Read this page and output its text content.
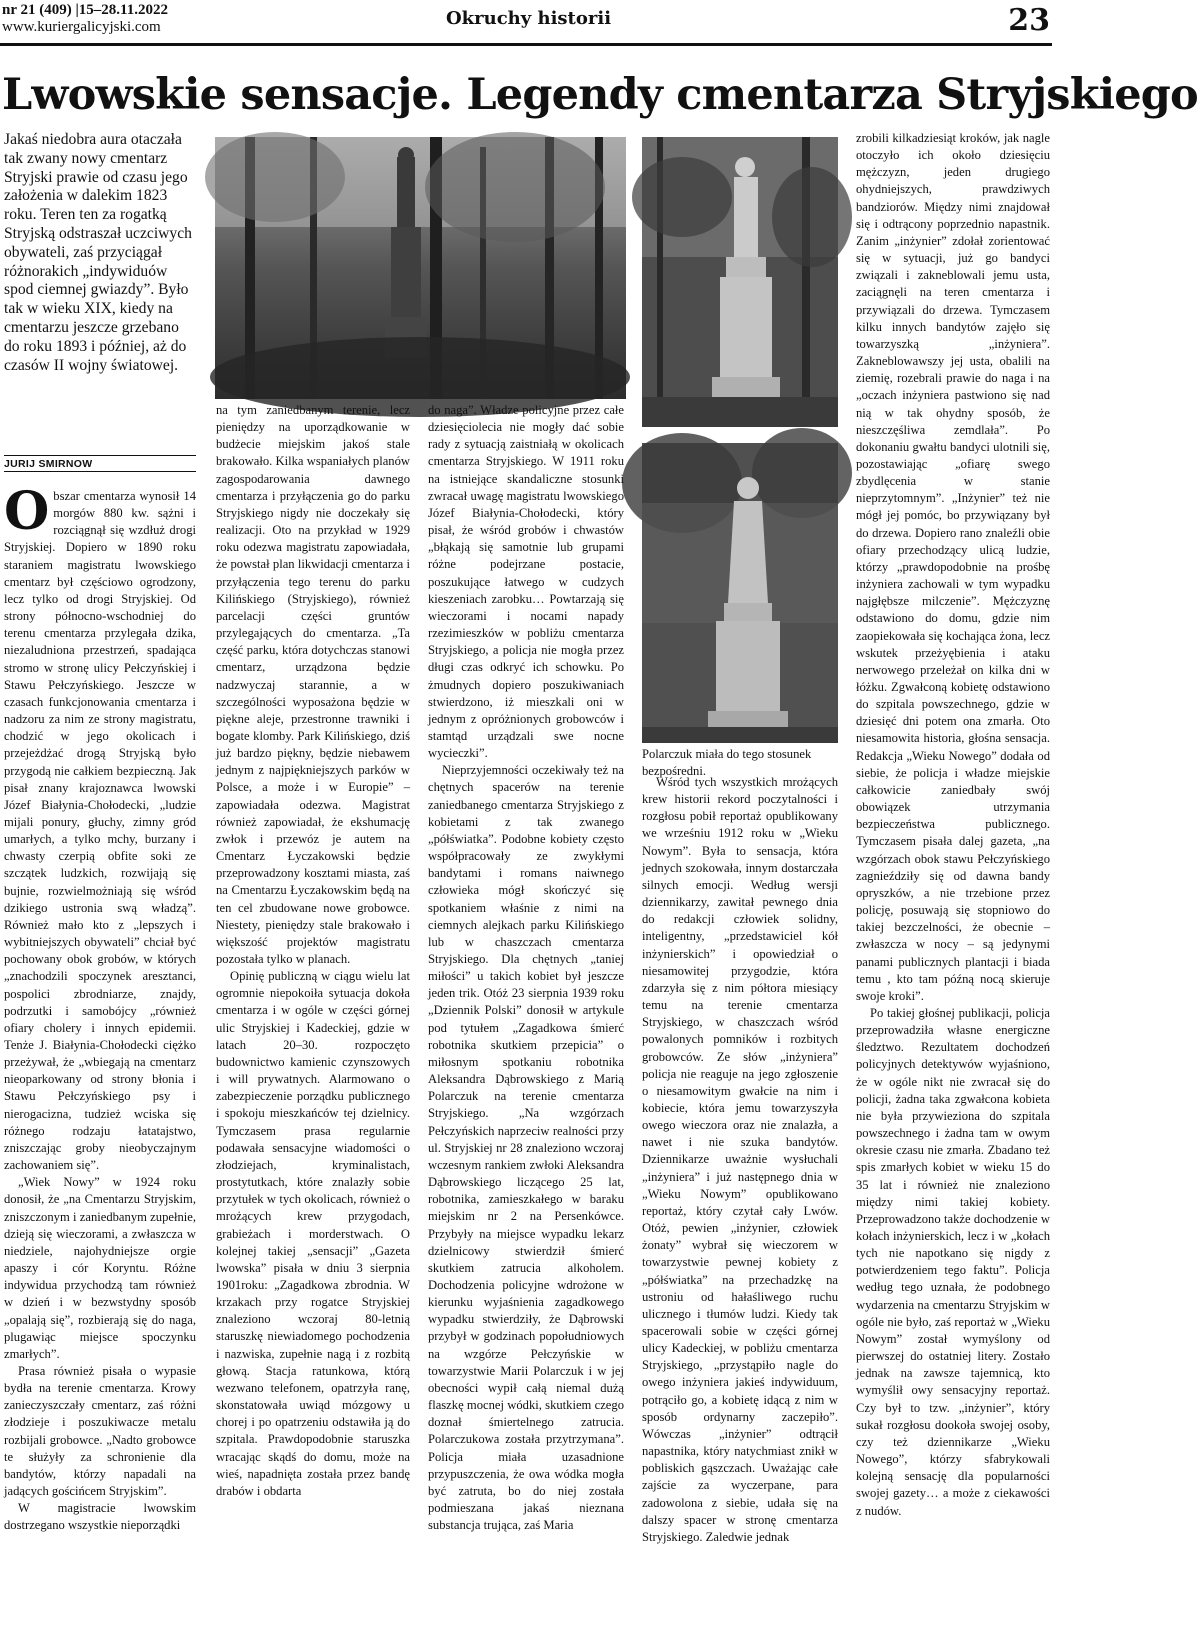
nr 21 (409) |15–28.11.2022
www.kuriergalicyjski.com	Okruchy historii	23
Lwowskie sensacje. Legendy cmentarza Stryjskiego
Jakaś niedobra aura otaczała tak zwany nowy cmentarz Stryjski prawie od czasu jego założenia w dalekim 1823 roku. Teren ten za rogatką Stryjską odstraszał uczciwych obywateli, zaś przyciągał różnorakich „indywiduów spod ciemnej gwiazdy”. Było tak w wieku XIX, kiedy na cmentarzu jeszcze grzebano do roku 1893 i później, aż do czasów II wojny światowej.
JURIJ SMIRNOW
Polarczuk miała do tego stosunek bezpośredni.

Obszar cmentarza wynosił 14 morgów 880 kw. sążni i rozciągnął się wzdłuż drogi Stryjskiej. Dopiero w 1890 roku staraniem magistratu lwowskiego cmentarz był częściowo ogrodzony, lecz tylko od drogi Stryjskiej. Od strony północno-wschodniej do terenu cmentarza przylegała dzika, niezaludniona przestrzeń, spadająca stromo w stronę ulicy Pełczyńskiej i Stawu Pełczyńskiego. Jeszcze w czasach funkcjonowania cmentarza i nadzoru za nim ze strony magistratu, chodzić w jego okolicach i przejeżdżać drogą Stryjską było przygodą nie całkiem bezpieczną. Jak pisał znany krajoznawca lwowski Józef Białynia-Chołodecki, „ludzie mijali ponury, głuchy, zimny gród umarłych, a tylko mchy, burzany i chwasty czerpią obfite soki ze szczątek ludzkich, rozwijają się bujnie, rozwielmożniają się wśród dzikiego ustronia swą władzą”. Również mało kto z „lepszych i wybitniejszych obywateli” chciał być pochowany obok grobów, w których „znachodzili spoczynek aresztanci, pospolici zbrodniarze, znajdy, podrzutki i samobójcy „również ofiary cholery i innych epidemii. Tenże J. Białynia-Chołodecki ciężko przeżywał, że „wbiegają na cmentarz nieoparkowany od strony błonia i Stawu Pełczyńskiego psy i nierogacizna, tudzież wciska się różnego rodzaju łatatajstwo, zniszczając groby nieobyczajnym zachowaniem się”.

„Wiek Nowy” w 1924 roku donosił, że „na Cmentarzu Stryjskim, zniszczonym i zaniedbanym zupełnie, dzieją się wieczorami, a zwłaszcza w niedziele, najohydniejsze orgie apaszy i cór Koryntu. Różne indywidua przychodzą tam również w dzień i w bezwstydny sposób „opalają się”, rozbierają się do naga, plugawiąc miejsce spoczynku zmarłych”.

Prasa również pisała o wypasie bydła na terenie cmentarza. Krowy zanieczyszczały cmentarz, zaś różni złodzieje i poszukiwacze metalu rozbijali grobowce. „Nadto grobowce te służyły za schronienie dla bandytów, którzy napadali na jadących gościńcem Stryjskim”.

W magistracie lwowskim dostrzegano wszystkie nieporządki

na tym zaniedbanym terenie, lecz pieniędzy na uporządkowanie w budżecie miejskim jakoś stale brakowało. Kilka wspaniałych planów zagospodarowania dawnego cmentarza i przyłączenia go do parku Stryjskiego nigdy nie doczekały się realizacji. Oto na przykład w 1929 roku odezwa magistratu zapowiadała, że powstał plan likwidacji cmentarza i przyłączenia tego terenu do parku Kilińskiego (Stryjskiego), również parcelacji części gruntów przylegających do cmentarza. „Ta część parku, która dotychczas stanowi cmentarz, urządzona będzie nadzwyczaj starannie, a w szczególności wyposażona będzie w piękne aleje, przestronne trawniki i bogate klomby. Park Kilińskiego, dziś już bardzo piękny, będzie niebawem jednym z najpiękniejszych parków w Polsce, a może i w Europie” – zapowiadała odezwa. Magistrat również zapowiadał, że ekshumację zwłok i przewóz je autem na Cmentarz Łyczakowski będzie przeprowadzony kosztami miasta, zaś na Cmentarzu Łyczakowskim będą na ten cel zbudowane nowe grobowce. Niestety, pieniędzy stale brakowało i większość projektów magistratu pozostała tylko w planach.

Opinię publiczną w ciągu wielu lat ogromnie niepokoiła sytuacja dokoła cmentarza i w ogóle w części górnej ulic Stryjskiej i Kadeckiej, gdzie w latach 20–30. rozpoczęto budownictwo kamienic czynszowych i will prywatnych. Alarmowano o zabezpieczenie porządku publicznego i spokoju mieszkańców tej dzielnicy. Tymczasem prasa regularnie podawała sensacyjne wiadomości o złodziejach, kryminalistach, prostytutkach, które znalazły sobie przytułek w tych okolicach, również o mrożących krew przygodach, grabieżach i morderstwach. O kolejnej takiej „sensacji” „Gazeta lwowska” pisała w dniu 3 sierpnia 1901roku: „Zagadkowa zbrodnia. W krzakach przy rogatce Stryjskiej znaleziono wczoraj 80-letnią staruszkę niewiadomego pochodzenia i nazwiska, zupełnie nagą i z rozbitą głową. Stacja ratunkowa, którą wezwano telefonem, opatrzyła ranę, skonstatowała uwiąd mózgowy u chorej i po opatrzeniu odstawiła ją do szpitala. Prawdopodobnie staruszka wracając skądś do domu, może na wieś, napadnięta została przez bandę drabów i obdarta

do naga”. Władze policyjne przez całe dziesięciolecia nie mogły dać sobie rady z sytuacją zaistniałą w okolicach cmentarza Stryjskiego. W 1911 roku na istniejące skandaliczne stosunki zwracał uwagę magistratu lwowskiego Józef Białynia-Chołodecki, który pisał, że wśród grobów i chwastów „błąkają się samotnie lub grupami różne podejrzane postacie, poszukujące łatwego w cudzych kieszeniach zarobku… Powtarzają się wieczorami i nocami napady rzezimieszków w pobliżu cmentarza Stryjskiego, a policja nie mogła przez długi czas odkryć ich schowku. Po żmudnych dopiero poszukiwaniach stwierdzono, iż mieszkali oni w jednym z opróżnionych grobowców i stamtąd urządzali swe nocne wycieczki”.

Nieprzyjemności oczekiwały też na chętnych spacerów na terenie zaniedbanego cmentarza Stryjskiego z kobietami z tak zwanego „półświatka”. Podobne kobiety często współpracowały ze zwykłymi bandytami i romans naiwnego człowieka mógł skończyć się spotkaniem właśnie z nimi na ciemnych alejkach parku Kilińskiego lub w chaszczach cmentarza Stryjskiego. Dla chętnych „taniej miłości” u takich kobiet był jeszcze jeden trik. Otóż 23 sierpnia 1939 roku „Dziennik Polski” donosił w artykule pod tytułem „Zagadkowa śmierć robotnika skutkiem przepicia” o miłosnym spotkaniu robotnika Aleksandra Dąbrowskiego z Marią Polarczuk na terenie cmentarza Stryjskiego. „Na wzgórzach Pełczyńskich naprzeciw realności przy ul. Stryjskiej nr 28 znaleziono wczoraj wczesnym rankiem zwłoki Aleksandra Dąbrowskiego liczącego 25 lat, robotnika, zamieszkałego w baraku miejskim nr 2 na Persenkówce. Przybyły na miejsce wypadku lekarz dzielnicowy stwierdził śmierć skutkiem zatrucia alkoholem. Dochodzenia policyjne wdrożone w kierunku wyjaśnienia zagadkowego wypadku stwierdziły, że Dąbrowski przybył w godzinach popołudniowych na wzgórze Pełczyńskie w towarzystwie Marii Polarczuk i w jej obecności wypił całą niemal dużą flaszkę mocnej wódki, skutkiem czego doznał śmiertelnego zatrucia. Polarczukowa została przytrzymana”. Policja miała uzasadnione przypuszczenia, że owa wódka mogła być zatruta, bo do niej została podmieszana jakaś nieznana substancja trująca, zaś Maria

Wśród tych wszystkich mrożących krew historii rekord poczytalności i rozgłosu pobił reportaż opublikowany we wrześniu 1912 roku w „Wieku Nowym”. Była to sensacja, która jednych szokowała, innym dostarczała silnych emocji. Według wersji dziennikarzy, zawitał pewnego dnia do redakcji człowiek solidny, inteligentny, „przedstawiciel kół inżynierskich” i opowiedział o niesamowitej przygodzie, która zdarzyła się z nim półtora miesiący temu na terenie cmentarza Stryjskiego, w chaszczach wśród powalonych pomników i rozbitych grobowców. Ze słów „inżyniera” policja nie reaguje na jego zgłoszenie o niesamowitym gwałcie na nim i kobiecie, która jemu towarzyszyła owego wieczora oraz nie znalazła, a nawet i nie szuka bandytów. Dziennikarze uważnie wysłuchali „inżyniera” i już następnego dnia w „Wieku Nowym” opublikowano reportaż, który czytał cały Lwów. Otóż, pewien „inżynier, człowiek żonaty” wybrał się wieczorem w towarzystwie pewnej kobiety z „półświatka” na przechadzkę na ustroniu od hałaśliwego ruchu ulicznego i tłumów ludzi. Kiedy tak spacerowali sobie w części górnej ulicy Kadeckiej, w pobliżu cmentarza Stryjskiego, „przystąpiło nagle do owego inżyniera jakieś indywiduum, potrąciło go, a kobietę idącą z nim w sposób ordynarny zaczepiło”. Wówczas „inżynier” odtrącił napastnika, który natychmiast znikł w pobliskich gąszczach. Uważając całe zajście za wyczerpane, para zadowolona z siebie, udała się na dalszy spacer w stronę cmentarza Stryjskiego. Zaledwie jednak

zrobili kilkadziesiąt kroków, jak nagle otoczyło ich około dziesięciu mężczyzn, jeden drugiego ohydniejszych, prawdziwych bandziorów. Między nimi znajdował się i odtrącony poprzednio napastnik. Zanim „inżynier” zdołał zorientować się w sytuacji, już go bandyci związali i zakneblowali jemu usta, zaciągnęli na teren cmentarza i przywiązali do drzewa. Tymczasem kilku innych bandytów zajęło się towarzyszką „inżyniera”. Zakneblowawszy jej usta, obalili na ziemię, rozebrali prawie do naga i na „oczach inżyniera pastwiono się nad nią w tak ohydny sposób, że nieszczęśliwa zemdlała”. Po dokonaniu gwałtu bandyci ulotnili się, pozostawiając „ofiarę swego zbydlęcenia w stanie nieprzytomnym”. „Inżynier” też nie mógł jej pomóc, bo przywiązany był do drzewa. Dopiero rano znaleźli obie ofiary przechodzący ulicą ludzie, którzy „prawdopodobnie na prośbę inżyniera zachowali w tym wypadku najgłębsze milczenie”. Mężczyznę odstawiono do domu, gdzie nim zaopiekowała się kochająca żona, lecz wskutek przeżyębienia i ataku nerwowego przeleżał on kilka dni w łóżku. Zgwałconą kobietę odstawiono do szpitala powszechnego, gdzie w dziesięć dni potem ona zmarła. Oto niesamowita historia, głośna sensacja. Redakcja „Wieku Nowego” dodała od siebie, że policja i władze miejskie całkowicie zaniedbały swój obowiązek utrzymania bezpieczeństwa publicznego. Tymczasem pisała dalej gazeta, „na wzgórzach obok stawu Pełczyńskiego zagnieździły się od dawna bandy opryszków, a nie trzebione przez policję, posuwają się stopniowo do takiej bezczelności, że obecnie – zwłaszcza w nocy – są jedynymi panami publicznych plantacji i biada temu , kto tam późną nocą skieruje swoje kroki”.

Po takiej głośnej publikacji, policja przeprowadziła własne energiczne śledztwo. Rezultatem dochodzeń policyjnych detektywów wyjaśniono, że w ogóle nikt nie zwracał się do policji, żadna taka zgwałcona kobieta nie była przywieziona do szpitala powszechnego i żadna tam w owym okresie czasu nie zmarła. Zbadano też spis zmarłych kobiet w wieku 15 do 35 lat i również nie znaleziono między nimi takiej kobiety. Przeprowadzono także dochodzenie w kołach inżynierskich, lecz i w „kołach tych nie napotkano się nigdy z potwierdzeniem tego faktu”. Policja według tego uznała, że podobnego wydarzenia na cmentarzu Stryjskim w ogóle nie było, zaś reportaż w „Wieku Nowym” został wymyślony od pierwszej do ostatniej litery. Zostało jednak na zawsze tajemnicą, kto wymyślił owy sensacyjny reportaż. Czy był to tzw. „inżynier”, który sukał rozgłosu dookoła swojej osoby, czy też dziennikarze „Wieku Nowego”, którzy sfabrykowali kolejną sensację dla popularności swojej gazety… a może z ciekawości z nudów.
